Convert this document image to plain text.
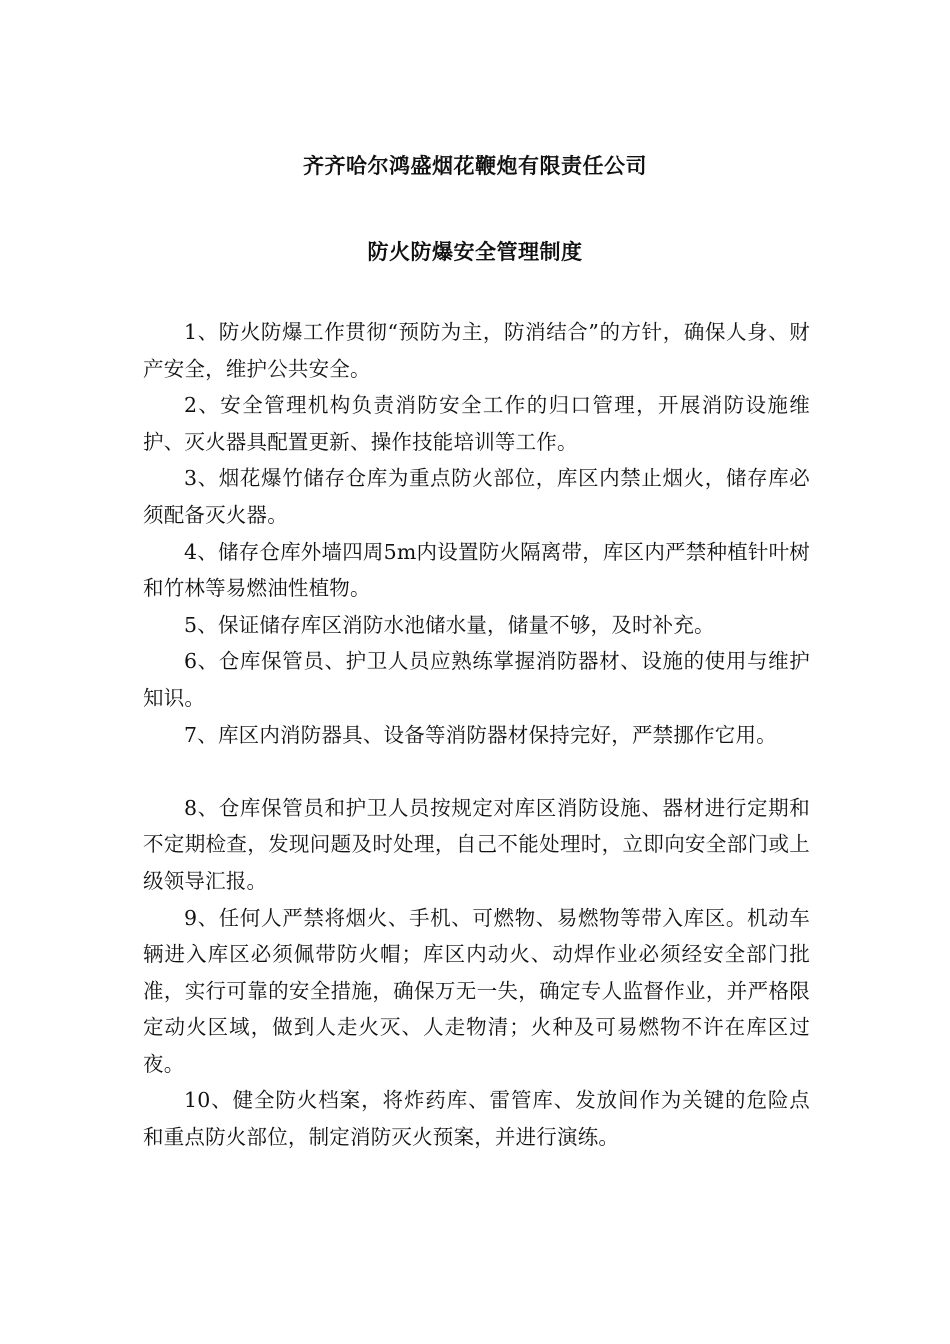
齐齐哈尔鸿盛烟花鞭炮有限责任公司
防火防爆安全管理制度

1、防火防爆工作贯彻“预防为主，防消结合”的方针，确保人身、财产安全，维护公共安全。

2、安全管理机构负责消防安全工作的归口管理，开展消防设施维护、灭火器具配置更新、操作技能培训等工作。

3、烟花爆竹储存仓库为重点防火部位，库区内禁止烟火，储存库必须配备灭火器。

4、储存仓库外墙四周5m内设置防火隔离带，库区内严禁种植针叶树和竹林等易燃油性植物。

5、保证储存库区消防水池储水量，储量不够，及时补充。

6、仓库保管员、护卫人员应熟练掌握消防器材、设施的使用与维护知识。

7、库区内消防器具、设备等消防器材保持完好，严禁挪作它用。

8、仓库保管员和护卫人员按规定对库区消防设施、器材进行定期和不定期检查，发现问题及时处理，自己不能处理时，立即向安全部门或上级领导汇报。

9、任何人严禁将烟火、手机、可燃物、易燃物等带入库区。机动车辆进入库区必须佩带防火帽；库区内动火、动焊作业必须经安全部门批准，实行可靠的安全措施，确保万无一失，确定专人监督作业，并严格限定动火区域，做到人走火灭、人走物清；火种及可易燃物不许在库区过夜。

10、健全防火档案，将炸药库、雷管库、发放间作为关键的危险点和重点防火部位，制定消防灭火预案，并进行演练。
